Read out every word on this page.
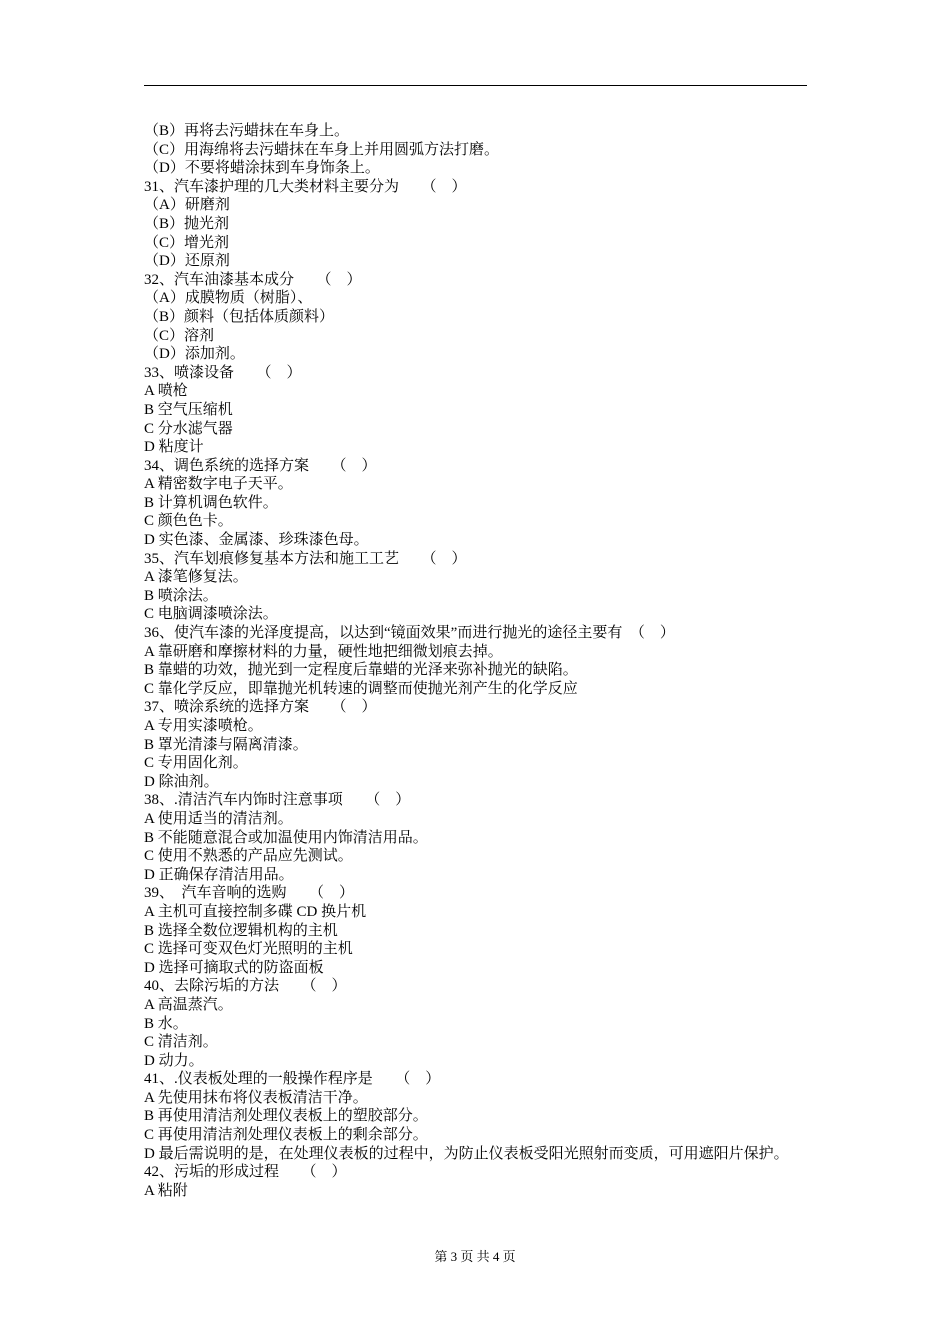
（B）再将去污蜡抹在车身上。
（C）用海绵将去污蜡抹在车身上并用圆弧方法打磨。
（D）不要将蜡涂抹到车身饰条上。
31、汽车漆护理的几大类材料主要分为　　（　）
（A）研磨剂
（B）抛光剂
（C）增光剂
（D）还原剂
32、汽车油漆基本成分　　（　）
（A）成膜物质（树脂）、
（B）颜料（包括体质颜料）
（C）溶剂
（D）添加剂。
33、喷漆设备　　（　）
A 喷枪
B 空气压缩机
C 分水滤气器
D 粘度计
34、调色系统的选择方案　　（　）
A 精密数字电子天平。
B 计算机调色软件。
C 颜色色卡。
D 实色漆、金属漆、珍珠漆色母。
35、汽车划痕修复基本方法和施工工艺　　（　）
A 漆笔修复法。
B 喷涂法。
C 电脑调漆喷涂法。
36、使汽车漆的光泽度提高，以达到“镜面效果”而进行抛光的途径主要有　（　）
A 靠研磨和摩擦材料的力量，硬性地把细微划痕去掉。
B 靠蜡的功效，抛光到一定程度后靠蜡的光泽来弥补抛光的缺陷。
C 靠化学反应，即靠抛光机转速的调整而使抛光剂产生的化学反应
37、喷涂系统的选择方案　　（　）
A 专用实漆喷枪。
B 罩光清漆与隔离清漆。
C 专用固化剂。
D 除油剂。
38、.清洁汽车内饰时注意事项　　（　）
A 使用适当的清洁剂。
B 不能随意混合或加温使用内饰清洁用品。
C 使用不熟悉的产品应先测试。
D 正确保存清洁用品。
39、　汽车音响的选购　　（　）
A 主机可直接控制多碟 CD 换片机
B 选择全数位逻辑机构的主机
C 选择可变双色灯光照明的主机
D 选择可摘取式的防盗面板
40、去除污垢的方法　　（　）
A 高温蒸汽。
B 水。
C 清洁剂。
D 动力。
41、.仪表板处理的一般操作程序是　　（　）
A 先使用抹布将仪表板清洁干净。
B 再使用清洁剂处理仪表板上的塑胶部分。
C 再使用清洁剂处理仪表板上的剩余部分。
D 最后需说明的是，在处理仪表板的过程中，为防止仪表板受阳光照射而变质，可用遮阳片保护。
42、污垢的形成过程　　（　）
A 粘附
第 3 页 共 4 页
